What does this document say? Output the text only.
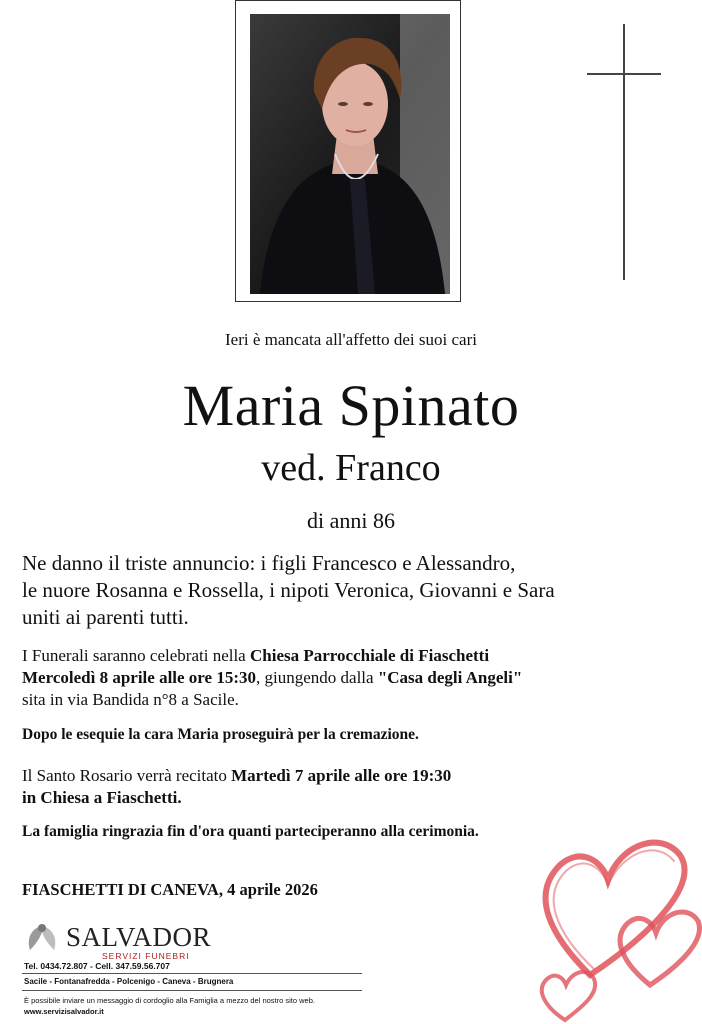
Ieri è mancata all'affetto dei suoi cari
Maria Spinato
ved. Franco
di anni 86
Ne danno il triste annuncio: i figli Francesco e Alessandro,
le nuore Rosanna e Rossella, i nipoti Veronica, Giovanni e Sara
uniti ai parenti tutti.
I Funerali saranno celebrati nella Chiesa Parrocchiale di Fiaschetti
Mercoledì 8 aprile alle ore 15:30, giungendo dalla "Casa degli Angeli"
sita in via Bandida n°8 a Sacile.
Dopo le esequie la cara Maria proseguirà per la cremazione.
Il Santo Rosario verrà recitato Martedì 7 aprile alle ore 19:30
in Chiesa a Fiaschetti.
La famiglia ringrazia fin d'ora quanti parteciperanno alla cerimonia.
FIASCHETTI DI CANEVA, 4 aprile 2026
SALVADOR
SERVIZI FUNEBRI
Tel. 0434.72.807 - Cell. 347.59.56.707
Sacile - Fontanafredda - Polcenigo - Caneva - Brugnera
È possibile inviare un messaggio di cordoglio alla Famiglia a mezzo del nostro sito web.
www.servizisalvador.it
